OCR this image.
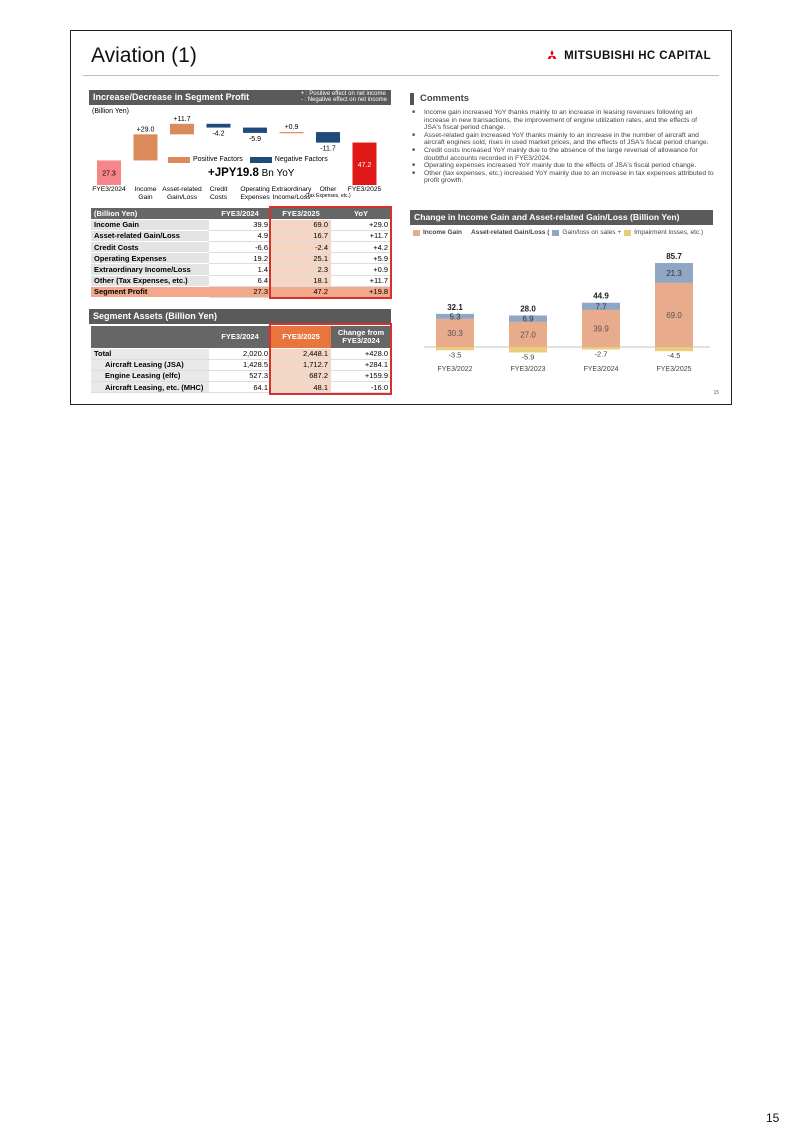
Aviation (1)	MITSUBISHI HC CAPITAL
Increase/Decrease in Segment Profit	+ : Positive effect on net income
- : Negative effect on net income
(Billion Yen)
27.3
+29.0
+11.7
-4.2
-5.9
+0.9
-11.7
47.2
Positive Factors	Negative Factors
+JPY19.8 Bn YoY
FYE3/2024	Income
Gain
Asset-related
Gain/Loss
Credit
Costs
Operating
Expenses
Extraordinary
Income/Loss
Other
(Tax Expenses, etc.)
FYE3/2025
(Billion Yen)	FYE3/2024	FYE3/2025	YoY
Income Gain	39.9	69.0	+29.0
Asset-related Gain/Loss	4.9	16.7	+11.7
Credit Costs	-6.6	-2.4	+4.2
Operating Expenses	19.2	25.1	+5.9
Extraordinary Income/Loss	1.4	2.3	+0.9
Other (Tax Expenses, etc.)	6.4	18.1	+11.7
Segment Profit	27.3	47.2	+19.8
Segment Assets (Billion Yen)
	FYE3/2024	FYE3/2025	Change from FYE3/2024
Total	2,020.0	2,448.1	+428.0
Aircraft Leasing (JSA)	1,428.5	1,712.7	+284.1
Engine Leasing (elfc)	527.3	687.2	+159.9
Aircraft Leasing, etc. (MHC)	64.1	48.1	-16.0
Comments
■ Income gain increased YoY thanks mainly to an increase in leasing revenues following an increase in new transactions, the improvement of engine utilization rates, and the effects of JSA's fiscal period change.
■ Asset-related gain increased YoY thanks mainly to an increase in the number of aircraft and aircraft engines sold, rises in used market prices, and the effects of JSA's fiscal period change.
■ Credit costs increased YoY mainly due to the absence of the large reversal of allowance for doubtful accounts recorded in FYE3/2024.
■ Operating expenses increased YoY mainly due to the effects of JSA's fiscal period change.
■ Other (tax expenses, etc.) increased YoY mainly due to an increase in tax expenses attributed to profit growth.
Change in Income Gain and Asset-related Gain/Loss (Billion Yen)
Income Gain Asset-related Gain/Loss ( Gain/loss on sales + Impairment losses, etc.)
30.3
5.3
-3.5
32.1
FYE3/2022
27.0
6.9
-5.9
28.0
FYE3/2023
39.9
7.7
-2.7
44.9
FYE3/2024
69.0
21.3
-4.5
85.7
FYE3/2025
15
15
